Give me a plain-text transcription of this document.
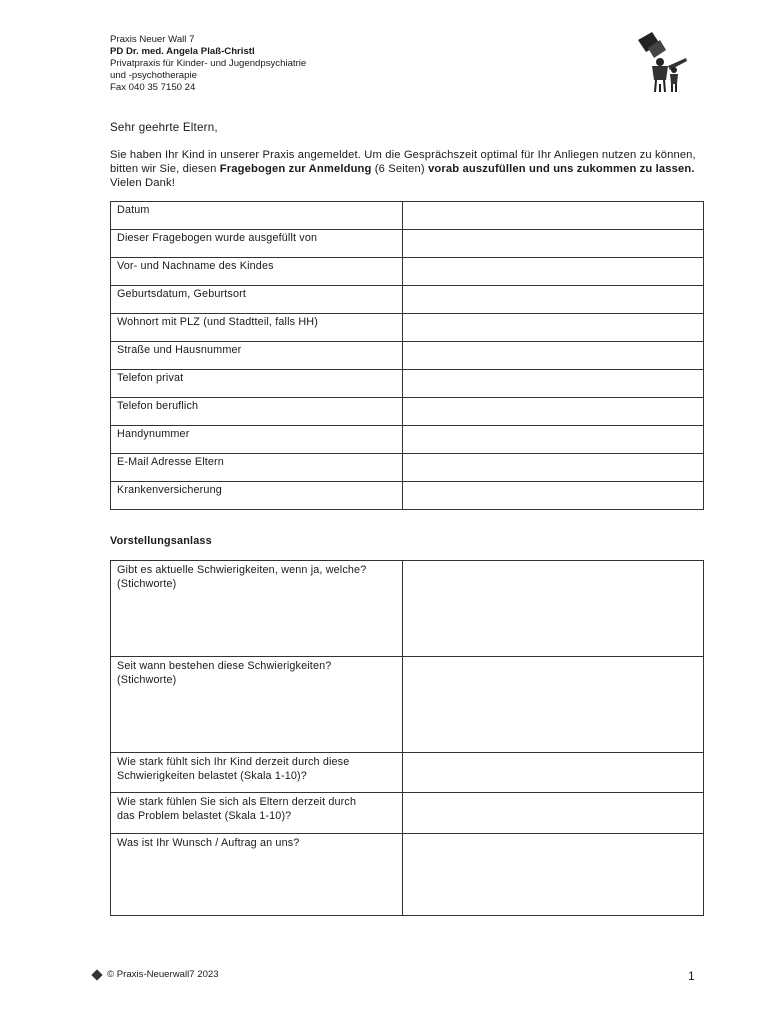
Praxis Neuer Wall 7
PD Dr. med. Angela Plaß-Christl
Privatpraxis für Kinder- und Jugendpsychiatrie
und -psychotherapie
Fax 040 35 7150 24
Sehr geehrte Eltern,
Sie haben Ihr Kind in unserer Praxis angemeldet. Um die Gesprächszeit optimal für Ihr Anliegen nutzen zu können, bitten wir Sie, diesen Fragebogen zur Anmeldung (6 Seiten) vorab auszufüllen und uns zukommen zu lassen. Vielen Dank!
Datum	
Dieser Fragebogen wurde ausgefüllt von	
Vor- und Nachname des Kindes	
Geburtsdatum, Geburtsort	
Wohnort mit PLZ (und Stadtteil, falls HH)	
Straße und Hausnummer	
Telefon privat	
Telefon beruflich	
Handynummer	
E-Mail Adresse Eltern	
Krankenversicherung	
Vorstellungsanlass
Gibt es aktuelle Schwierigkeiten, wenn ja, welche?
(Stichworte)	

Seit wann bestehen diese Schwierigkeiten?
(Stichworte)	

Wie stark fühlt sich Ihr Kind derzeit durch diese
Schwierigkeiten belastet (Skala 1-10)?	

Wie stark fühlen Sie sich als Eltern derzeit durch
das Problem belastet (Skala 1-10)?	

Was ist Ihr Wunsch / Auftrag an uns?	

© Praxis-Neuerwall7 2023	1
